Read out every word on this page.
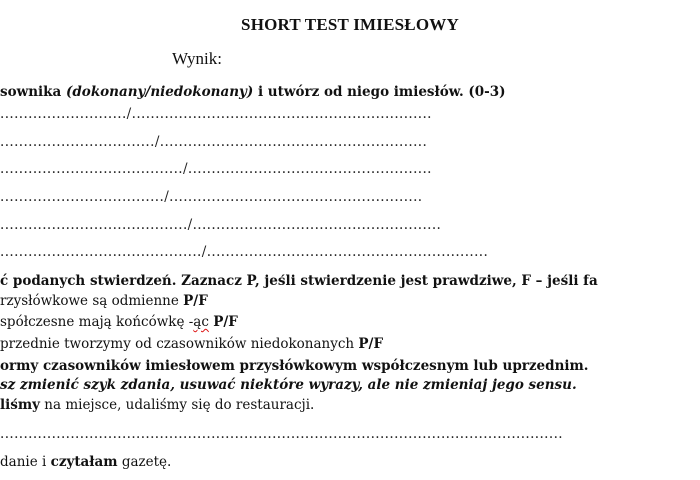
SHORT TEST IMIESŁOWY
Wynik:
sownika (dokonany/niedokonany) i utwórz od niego imiesłów. (0-3)
.........................../................................................................
................................./.........................................................
......................................./....................................................
.................................../......................................................
......................................../.....................................................
.........................................../............................................................
ć podanych stwierdzeń. Zaznacz P, jeśli stwierdzenie jest prawdziwe, F – jeśli fa
rzysłówkowe są odmienne P/F
spółczesne mają końcówkę -ąc P/F
przednie tworzymy od czasowników niedokonanych P/F
ormy czasowników imiesłowem przysłówkowym współczesnym lub uprzednim.
sz zmienić szyk zdania, usuwać niektóre wyrazy, ale nie zmieniaj jego sensu.
liśmy na miejsce, udaliśmy się do restauracji.
........................................................................................................................
danie i czytałam gazetę.
